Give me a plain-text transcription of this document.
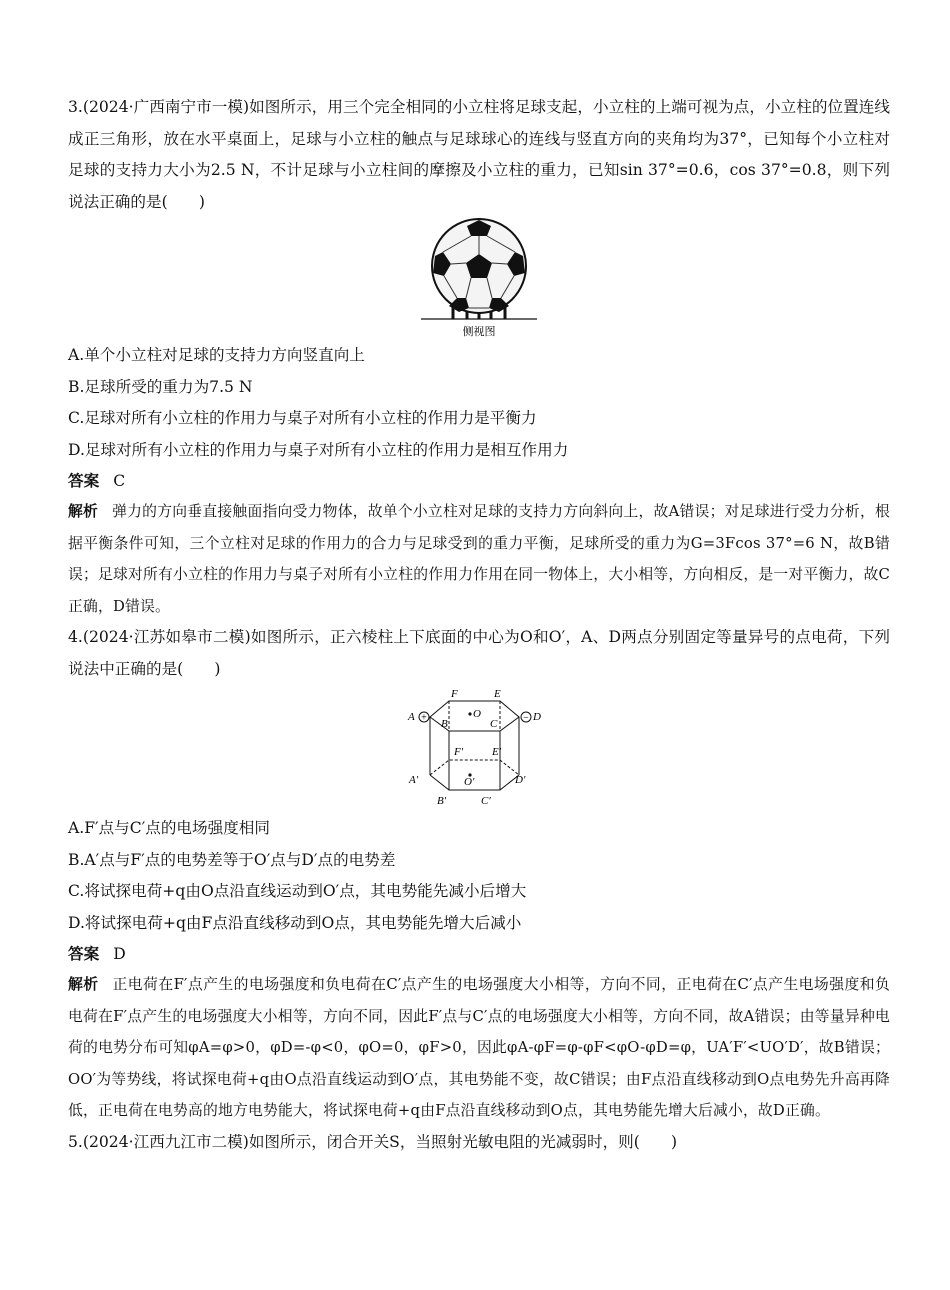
3.(2024·广西南宁市一模)如图所示，用三个完全相同的小立柱将足球支起，小立柱的上端可视为点，小立柱的位置连线成正三角形，放在水平桌面上，足球与小立柱的触点与足球球心的连线与竖直方向的夹角均为37°，已知每个小立柱对足球的支持力大小为2.5 N，不计足球与小立柱间的摩擦及小立柱的重力，已知sin 37°=0.6，cos 37°=0.8，则下列说法正确的是(　　)

侧视图

A.单个小立柱对足球的支持力方向竖直向上

B.足球所受的重力为7.5 N

C.足球对所有小立柱的作用力与桌子对所有小立柱的作用力是平衡力

D.足球对所有小立柱的作用力与桌子对所有小立柱的作用力是相互作用力

答案 C

解析 弹力的方向垂直接触面指向受力物体，故单个小立柱对足球的支持力方向斜向上，故A错误；对足球进行受力分析，根据平衡条件可知，三个立柱对足球的作用力的合力与足球受到的重力平衡，足球所受的重力为G=3Fcos 37°=6 N，故B错误；足球对所有小立柱的作用力与桌子对所有小立柱的作用力作用在同一物体上，大小相等，方向相反，是一对平衡力，故C正确，D错误。

4.(2024·江苏如皋市二模)如图所示，正六棱柱上下底面的中心为O和O′，A、D两点分别固定等量异号的点电荷，下列说法中正确的是(　　)

+	−
F	E
A
B
O
C
D
F′	E′
A′	O′	D′
B′	C′

A.F′点与C′点的电场强度相同

B.A′点与F′点的电势差等于O′点与D′点的电势差

C.将试探电荷+q由O点沿直线运动到O′点，其电势能先减小后增大

D.将试探电荷+q由F点沿直线移动到O点，其电势能先增大后减小

答案 D

解析 正电荷在F′点产生的电场强度和负电荷在C′点产生的电场强度大小相等，方向不同，正电荷在C′点产生电场强度和负电荷在F′点产生的电场强度大小相等，方向不同，因此F′点与C′点的电场强度大小相等，方向不同，故A错误；由等量异种电荷的电势分布可知φA=φ>0，φD=-φ<0，φO=0，φF>0，因此φA-φF=φ-φF<φO-φD=φ，UA′F′<UO′D′，故B错误；OO′为等势线，将试探电荷+q由O点沿直线运动到O′点，其电势能不变，故C错误；由F点沿直线移动到O点电势先升高再降低，正电荷在电势高的地方电势能大，将试探电荷+q由F点沿直线移动到O点，其电势能先增大后减小，故D正确。

5.(2024·江西九江市二模)如图所示，闭合开关S，当照射光敏电阻的光减弱时，则(　　)
